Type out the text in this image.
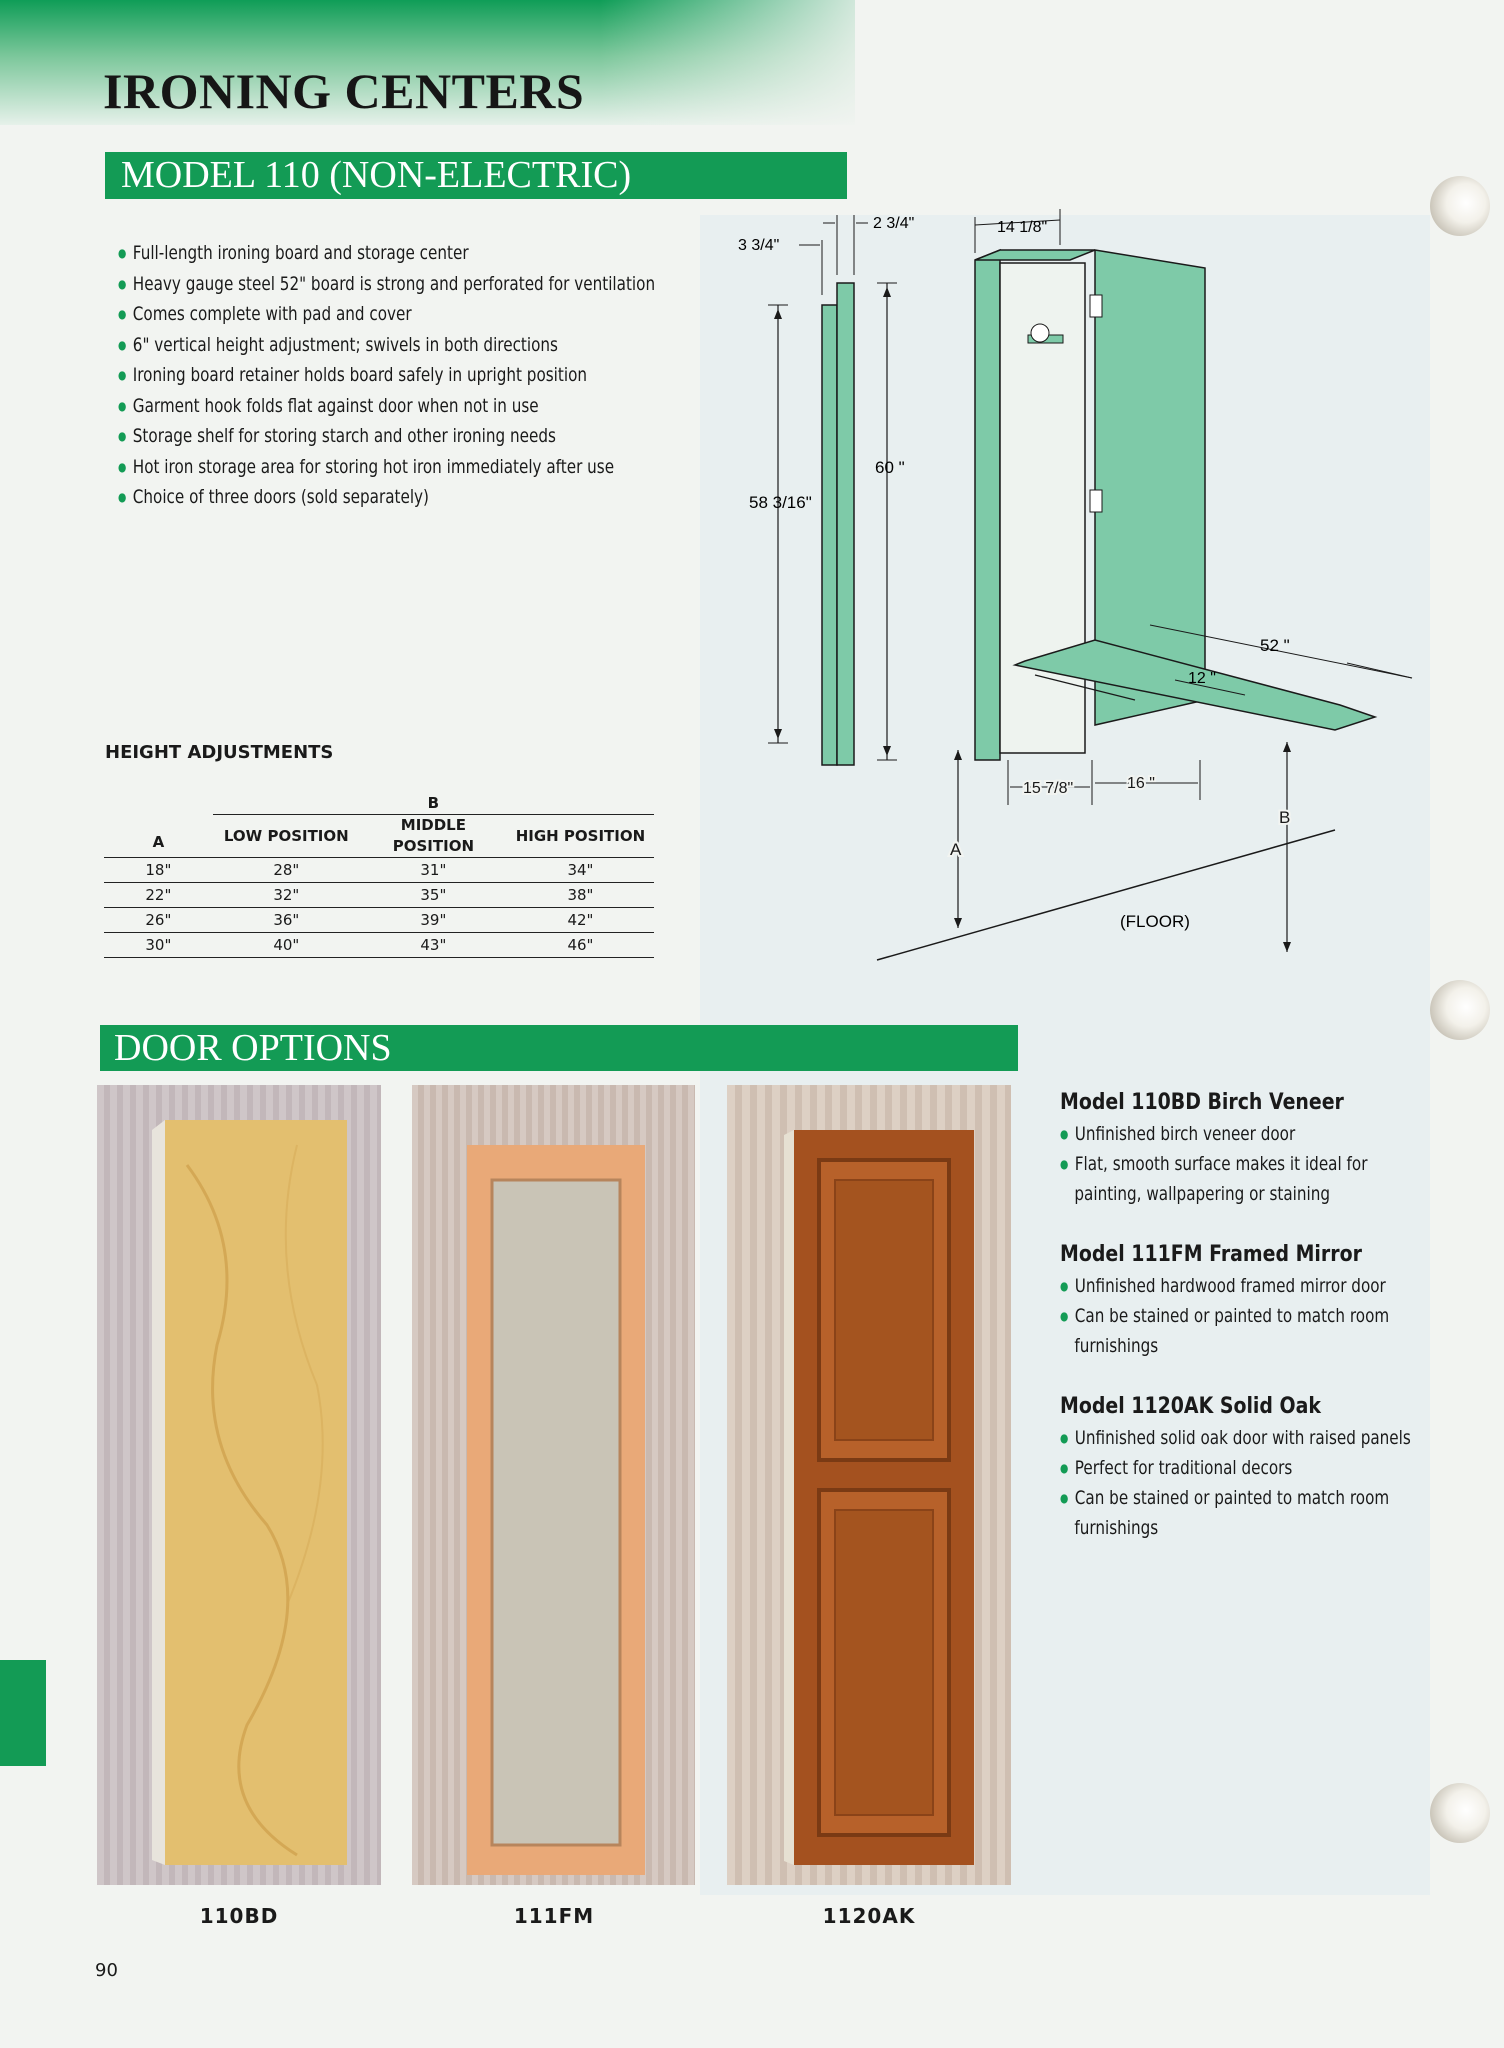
IRONING CENTERS
MODEL 110 (NON-ELECTRIC)
● Full-length ironing board and storage center
● Heavy gauge steel 52" board is strong and perforated for ventilation
● Comes complete with pad and cover
● 6" vertical height adjustment; swivels in both directions
● Ironing board retainer holds board safely in upright position
● Garment hook folds flat against door when not in use
● Storage shelf for storing starch and other ironing needs
● Hot iron storage area for storing hot iron immediately after use
● Choice of three doors (sold separately)
HEIGHT ADJUSTMENTS
A	B		
	LOW POSITION	MIDDLE POSITION	HIGH POSITION
18"	28"	31"	34"
22"	32"	35"	38"
26"	36"	39"	42"
30"	40"	43"	46"
60 "
58 3/16"
2 3/4"
3 3/4"
52 "
12 "
14 1/8"
15 7/8"	16 "
A
B
(FLOOR)
DOOR OPTIONS
110BD	111FM	1120AK
Model 110BD Birch Veneer
● Unfinished birch veneer door
● Flat, smooth surface makes it ideal for painting, wallpapering or staining
Model 111FM Framed Mirror
● Unfinished hardwood framed mirror door
● Can be stained or painted to match room furnishings
Model 1120AK Solid Oak
● Unfinished solid oak door with raised panels
● Perfect for traditional decors
● Can be stained or painted to match room furnishings
90
